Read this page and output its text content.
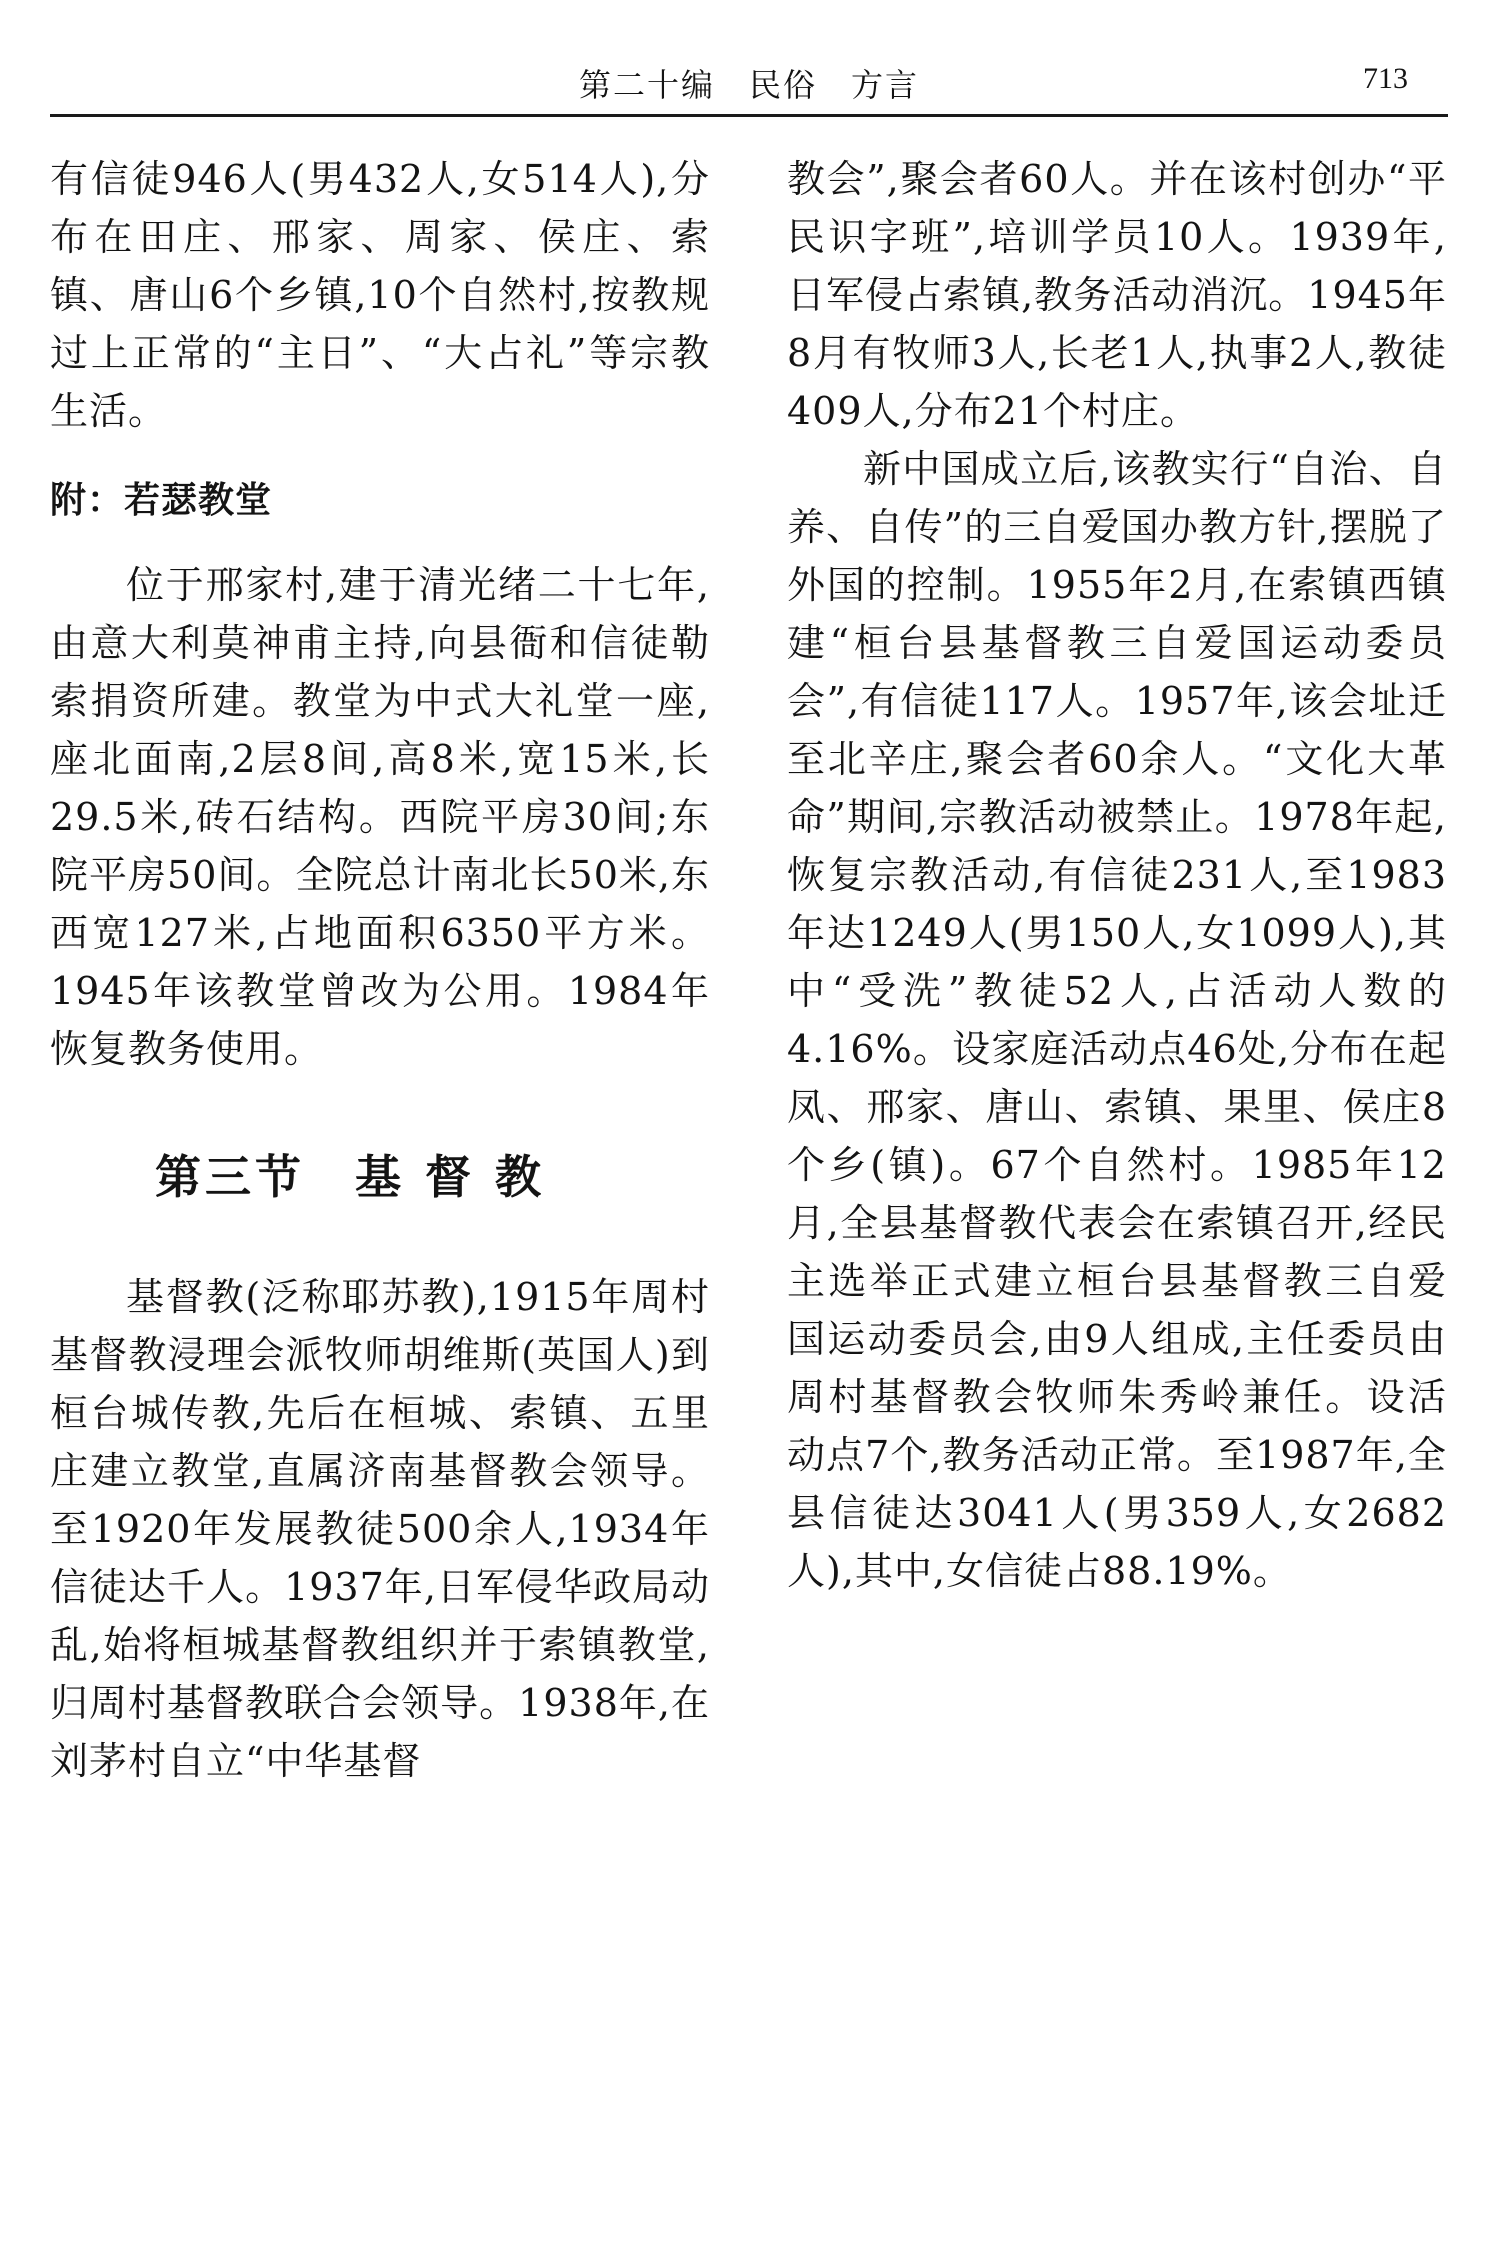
第二十编　民俗　方言	713

有信徒946人(男432人,女514人),分布在田庄、邢家、周家、侯庄、索镇、唐山6个乡镇,10个自然村,按教规过上正常的“主日”、“大占礼”等宗教生活。

附：若瑟教堂

位于邢家村,建于清光绪二十七年,由意大利莫神甫主持,向县衙和信徒勒索捐资所建。教堂为中式大礼堂一座,座北面南,2层8间,高8米,宽15米,长29.5米,砖石结构。西院平房30间;东院平房50间。全院总计南北长50米,东西宽127米,占地面积6350平方米。1945年该教堂曾改为公用。1984年恢复教务使用。

第三节　基 督 教

基督教(泛称耶苏教),1915年周村基督教浸理会派牧师胡维斯(英国人)到桓台城传教,先后在桓城、索镇、五里庄建立教堂,直属济南基督教会领导。至1920年发展教徒500余人,1934年信徒达千人。1937年,日军侵华政局动乱,始将桓城基督教组织并于索镇教堂,归周村基督教联合会领导。1938年,在刘茅村自立“中华基督

教会”,聚会者60人。并在该村创办“平民识字班”,培训学员10人。1939年,日军侵占索镇,教务活动消沉。1945年8月有牧师3人,长老1人,执事2人,教徒409人,分布21个村庄。

新中国成立后,该教实行“自治、自养、自传”的三自爱国办教方针,摆脱了外国的控制。1955年2月,在索镇西镇建“桓台县基督教三自爱国运动委员会”,有信徒117人。1957年,该会址迁至北辛庄,聚会者60余人。“文化大革命”期间,宗教活动被禁止。1978年起,恢复宗教活动,有信徒231人,至1983年达1249人(男150人,女1099人),其中“受洗”教徒52人,占活动人数的4.16%。设家庭活动点46处,分布在起凤、邢家、唐山、索镇、果里、侯庄8个乡(镇)。67个自然村。1985年12月,全县基督教代表会在索镇召开,经民主选举正式建立桓台县基督教三自爱国运动委员会,由9人组成,主任委员由周村基督教会牧师朱秀岭兼任。设活动点7个,教务活动正常。至1987年,全县信徒达3041人(男359人,女2682人),其中,女信徒占88.19%。
